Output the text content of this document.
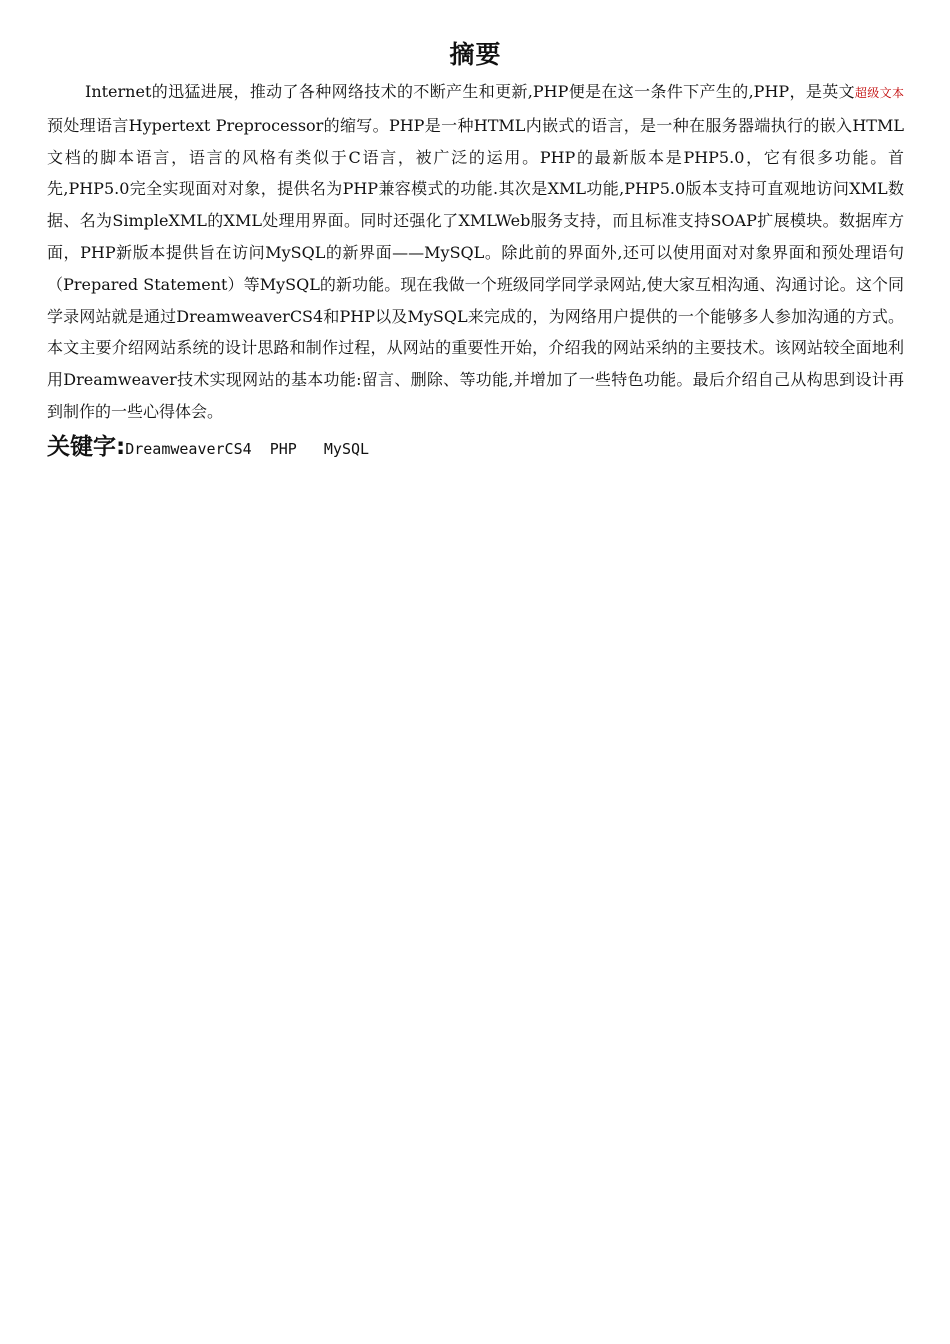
摘要

Internet的迅猛进展，推动了各种网络技术的不断产生和更新,PHP便是在这一条件下产生的,PHP，是英文超级文本预处理语言Hypertext Preprocessor的缩写。PHP是一种HTML内嵌式的语言，是一种在服务器端执行的嵌入HTML文档的脚本语言，语言的风格有类似于C语言，被广泛的运用。PHP的最新版本是PHP5.0，它有很多功能。首先,PHP5.0完全实现面对对象，提供名为PHP兼容模式的功能.其次是XML功能,PHP5.0版本支持可直观地访问XML数据、名为SimpleXML的XML处理用界面。同时还强化了XMLWeb服务支持，而且标准支持SOAP扩展模块。数据库方面，PHP新版本提供旨在访问MySQL的新界面——MySQL。除此前的界面外,还可以使用面对对象界面和预处理语句（Prepared Statement）等MySQL的新功能。现在我做一个班级同学同学录网站,使大家互相沟通、沟通讨论。这个同学录网站就是通过DreamweaverCS4和PHP以及MySQL来完成的，为网络用户提供的一个能够多人参加沟通的方式。本文主要介绍网站系统的设计思路和制作过程，从网站的重要性开始，介绍我的网站采纳的主要技术。该网站较全面地利用Dreamweaver技术实现网站的基本功能:留言、删除、等功能,并增加了一些特色功能。最后介绍自己从构思到设计再到制作的一些心得体会。

关键字:DreamweaverCS4  PHP   MySQL
